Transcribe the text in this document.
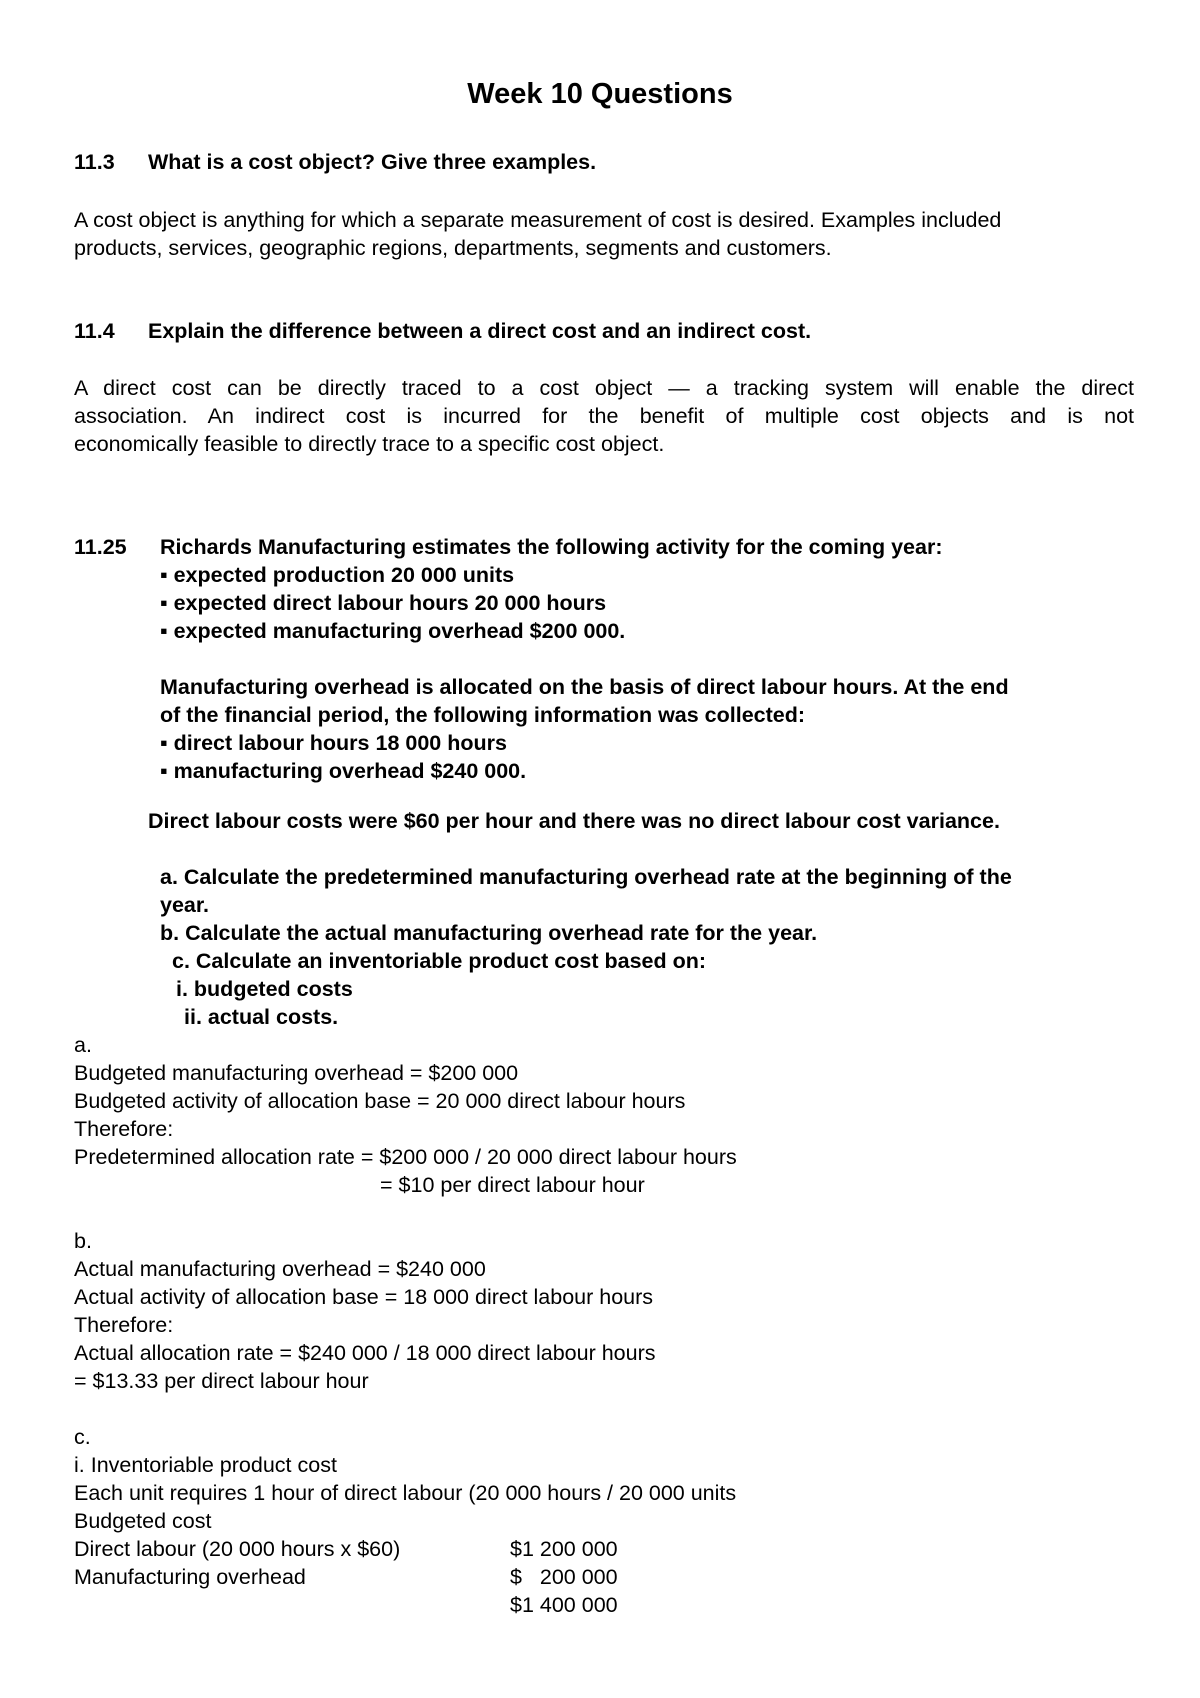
Week 10 Questions
11.3 What is a cost object? Give three examples.
A cost object is anything for which a separate measurement of cost is desired. Examples included
products, services, geographic regions, departments, segments and customers.
11.4 Explain the difference between a direct cost and an indirect cost.
A direct cost can be directly traced to a cost object — a tracking system will enable the direct
association. An indirect cost is incurred for the benefit of multiple cost objects and is not
economically feasible to directly trace to a specific cost object.
11.25 Richards Manufacturing estimates the following activity for the coming year:
▪ expected production 20 000 units
▪ expected direct labour hours 20 000 hours
▪ expected manufacturing overhead $200 000.
Manufacturing overhead is allocated on the basis of direct labour hours. At the end
of the financial period, the following information was collected:
▪ direct labour hours 18 000 hours
▪ manufacturing overhead $240 000.
Direct labour costs were $60 per hour and there was no direct labour cost variance.
a. Calculate the predetermined manufacturing overhead rate at the beginning of the
year.
b. Calculate the actual manufacturing overhead rate for the year.
c. Calculate an inventoriable product cost based on:
i. budgeted costs
ii. actual costs.
a.
Budgeted manufacturing overhead = $200 000
Budgeted activity of allocation base = 20 000 direct labour hours
Therefore:
Predetermined allocation rate = $200 000 / 20 000 direct labour hours
= $10 per direct labour hour
b.
Actual manufacturing overhead = $240 000
Actual activity of allocation base = 18 000 direct labour hours
Therefore:
Actual allocation rate = $240 000 / 18 000 direct labour hours
= $13.33 per direct labour hour
c.
i. Inventoriable product cost
Each unit requires 1 hour of direct labour (20 000 hours / 20 000 units
Budgeted cost
Direct labour (20 000 hours x $60)	$1 200 000
Manufacturing overhead	$   200 000
$1 400 000
